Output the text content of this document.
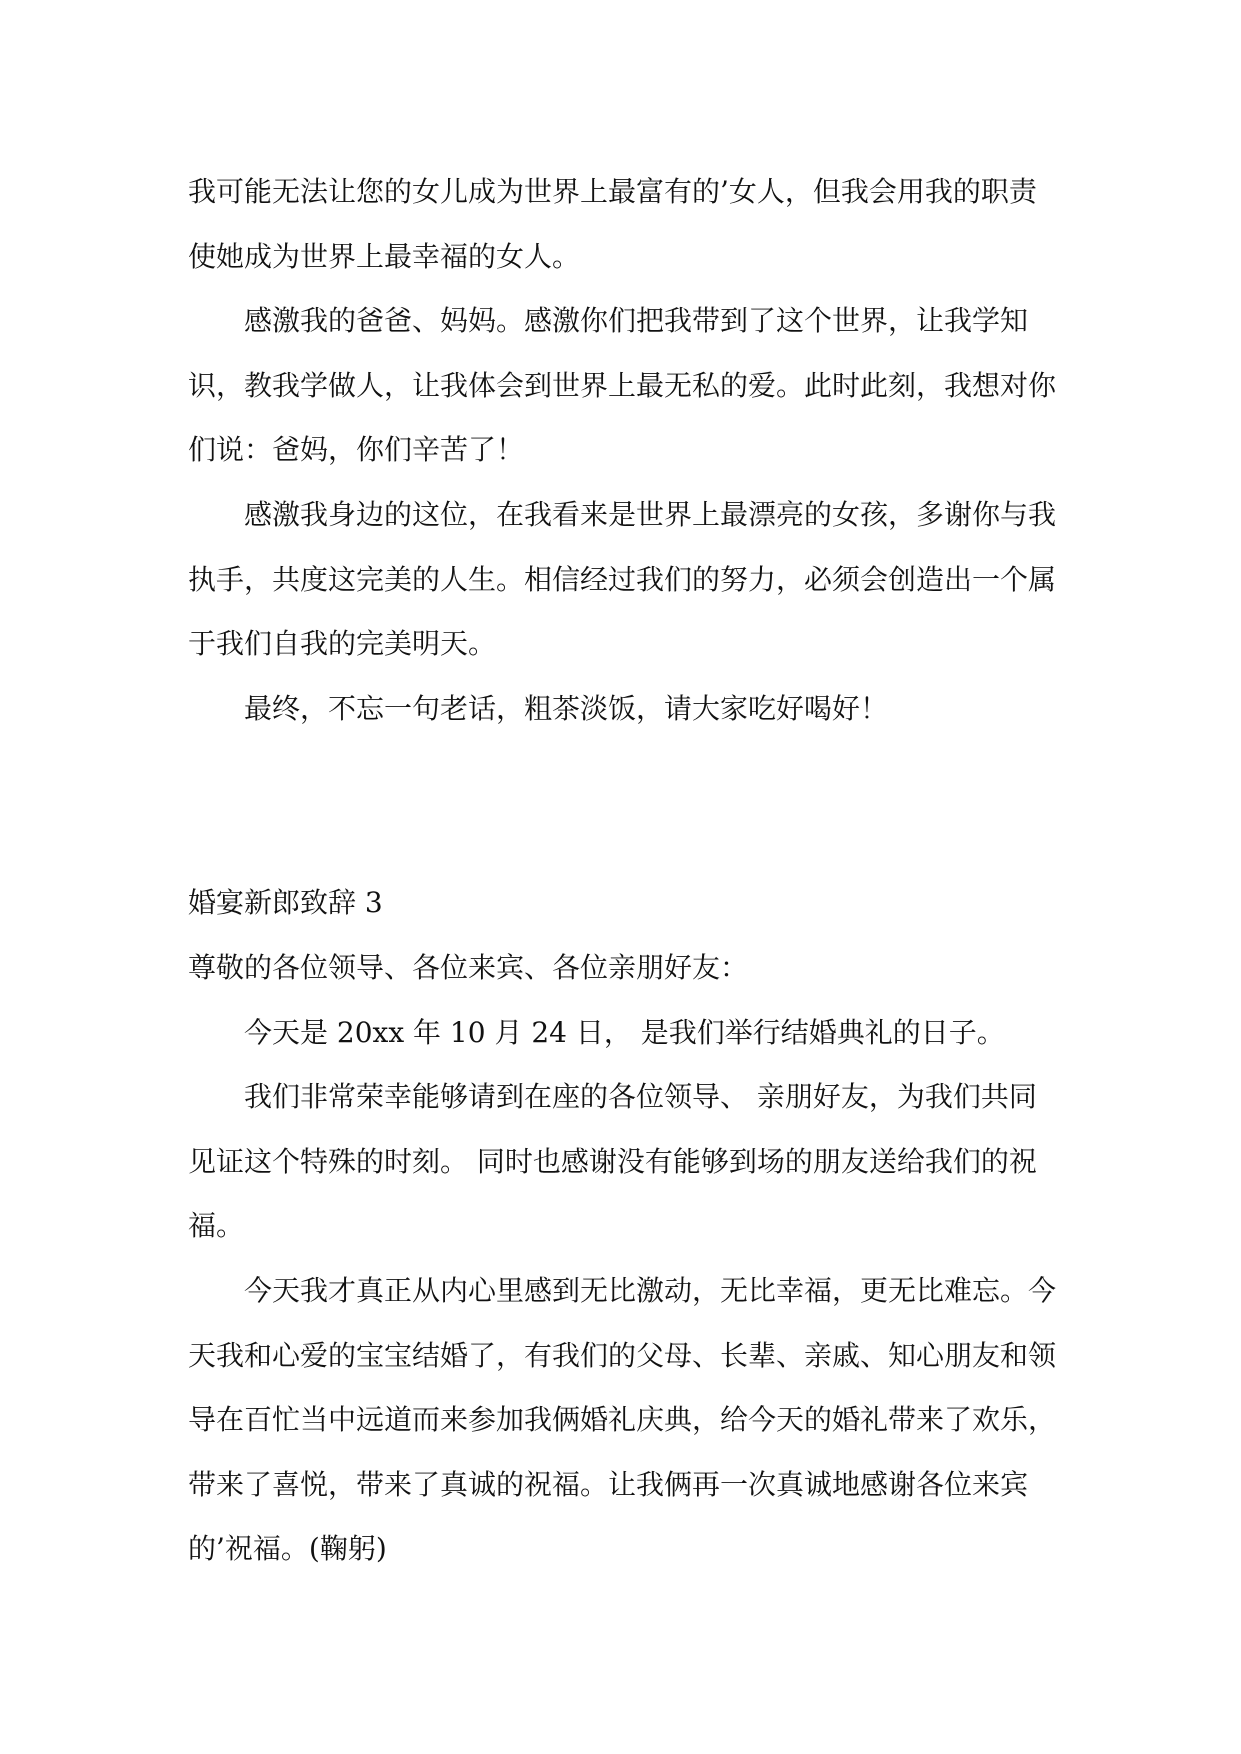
我可能无法让您的女儿成为世界上最富有的’女人，但我会用我的职责使她成为世界上最幸福的女人。

感激我的爸爸、妈妈。感激你们把我带到了这个世界，让我学知识，教我学做人，让我体会到世界上最无私的爱。此时此刻，我想对你们说：爸妈，你们辛苦了！

感激我身边的这位，在我看来是世界上最漂亮的女孩，多谢你与我执手，共度这完美的人生。相信经过我们的努力，必须会创造出一个属于我们自我的完美明天。

最终，不忘一句老话，粗茶淡饭，请大家吃好喝好！

婚宴新郎致辞 3

尊敬的各位领导、各位来宾、各位亲朋好友：

今天是 20xx 年 10 月 24 日， 是我们举行结婚典礼的日子。

我们非常荣幸能够请到在座的各位领导、 亲朋好友，为我们共同见证这个特殊的时刻。 同时也感谢没有能够到场的朋友送给我们的祝福。

今天我才真正从内心里感到无比激动，无比幸福，更无比难忘。今天我和心爱的宝宝结婚了，有我们的父母、长辈、亲戚、知心朋友和领导在百忙当中远道而来参加我俩婚礼庆典，给今天的婚礼带来了欢乐，带来了喜悦，带来了真诚的祝福。让我俩再一次真诚地感谢各位来宾的’祝福。(鞠躬)
